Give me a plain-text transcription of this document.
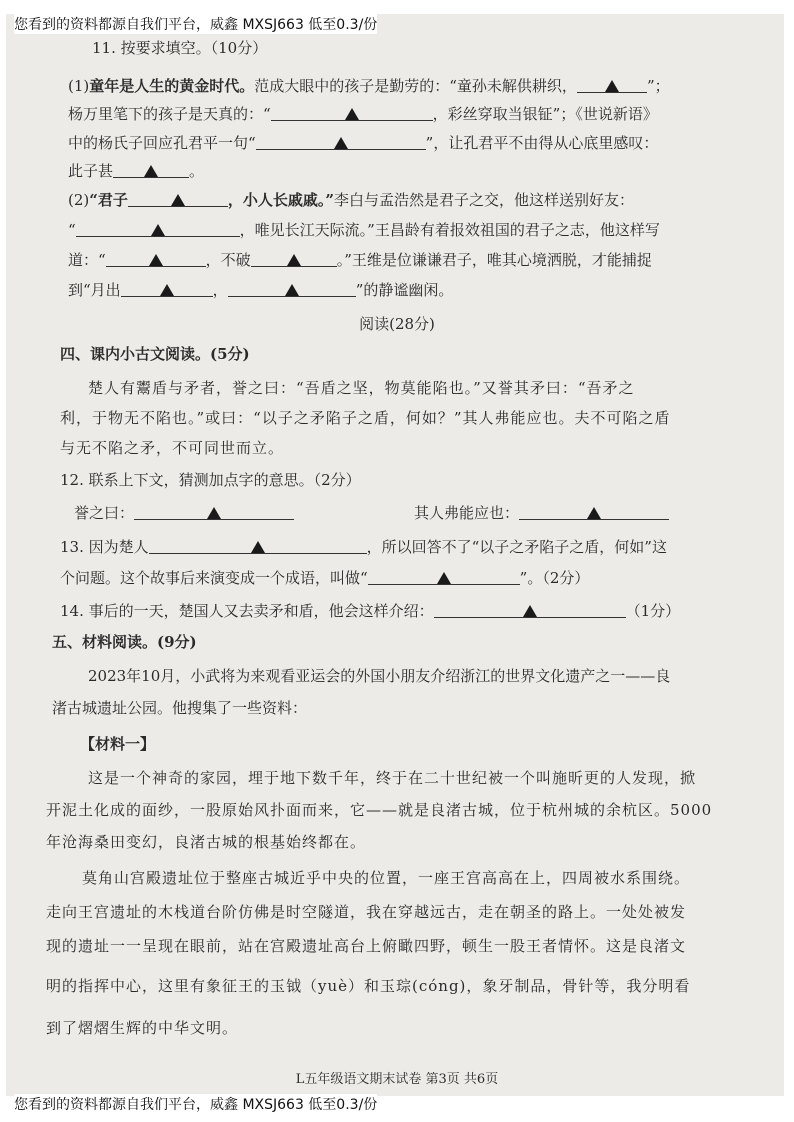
您看到的资料都源自我们平台，威鑫 MXSJ663 低至0.3/份
11. 按要求填空。（10分）
(1)童年是人生的黄金时代。范成大眼中的孩子是勤劳的：“童孙未解供耕织，	”；
杨万里笔下的孩子是天真的：“	，彩丝穿取当银钲”；《世说新语》
中的杨氏子回应孔君平一句“	”，让孔君平不由得从心底里感叹：
此子甚	。
(2)“君子	，小人长戚戚。”李白与孟浩然是君子之交，他这样送别好友：
“	，唯见长江天际流。”王昌龄有着报效祖国的君子之志，他这样写
道：“	，不破	。”王维是位谦谦君子，唯其心境洒脱，才能捕捉
到“月出	，	”的静谧幽闲。
阅读(28分)
四、课内小古文阅读。(5分)
楚人有鬻盾与矛者，誉之曰：“吾盾之坚，物莫能陷也。”又誉其矛曰：“吾矛之
利，于物无不陷也。”或曰：“以子之矛陷子之盾，何如？”其人弗能应也。夫不可陷之盾
与无不陷之矛，不可同世而立。
12. 联系上下文，猜测加点字的意思。（2分）
誉之曰：	其人弗能应也：
13. 因为楚人	，所以回答不了“以子之矛陷子之盾，何如”这
个问题。这个故事后来演变成一个成语，叫做“	”。（2分）
14. 事后的一天，楚国人又去卖矛和盾，他会这样介绍：	（1分）
五、材料阅读。(9分)
2023年10月，小武将为来观看亚运会的外国小朋友介绍浙江的世界文化遗产之一——良
渚古城遗址公园。他搜集了一些资料：
【材料一】
这是一个神奇的家园，埋于地下数千年，终于在二十世纪被一个叫施昕更的人发现，掀
开泥土化成的面纱，一股原始风扑面而来，它——就是良渚古城，位于杭州城的余杭区。5000
年沧海桑田变幻，良渚古城的根基始终都在。
莫角山宫殿遗址位于整座古城近乎中央的位置，一座王宫高高在上，四周被水系围绕。
走向王宫遗址的木栈道台阶仿佛是时空隧道，我在穿越远古，走在朝圣的路上。一处处被发
现的遗址一一呈现在眼前，站在宫殿遗址高台上俯瞰四野，顿生一股王者情怀。这是良渚文
明的指挥中心，这里有象征王的玉钺（yuè）和玉琮(cóng)，象牙制品，骨针等，我分明看
到了熠熠生辉的中华文明。
L五年级语文期末试卷 第3页 共6页
您看到的资料都源自我们平台，威鑫 MXSJ663 低至0.3/份
